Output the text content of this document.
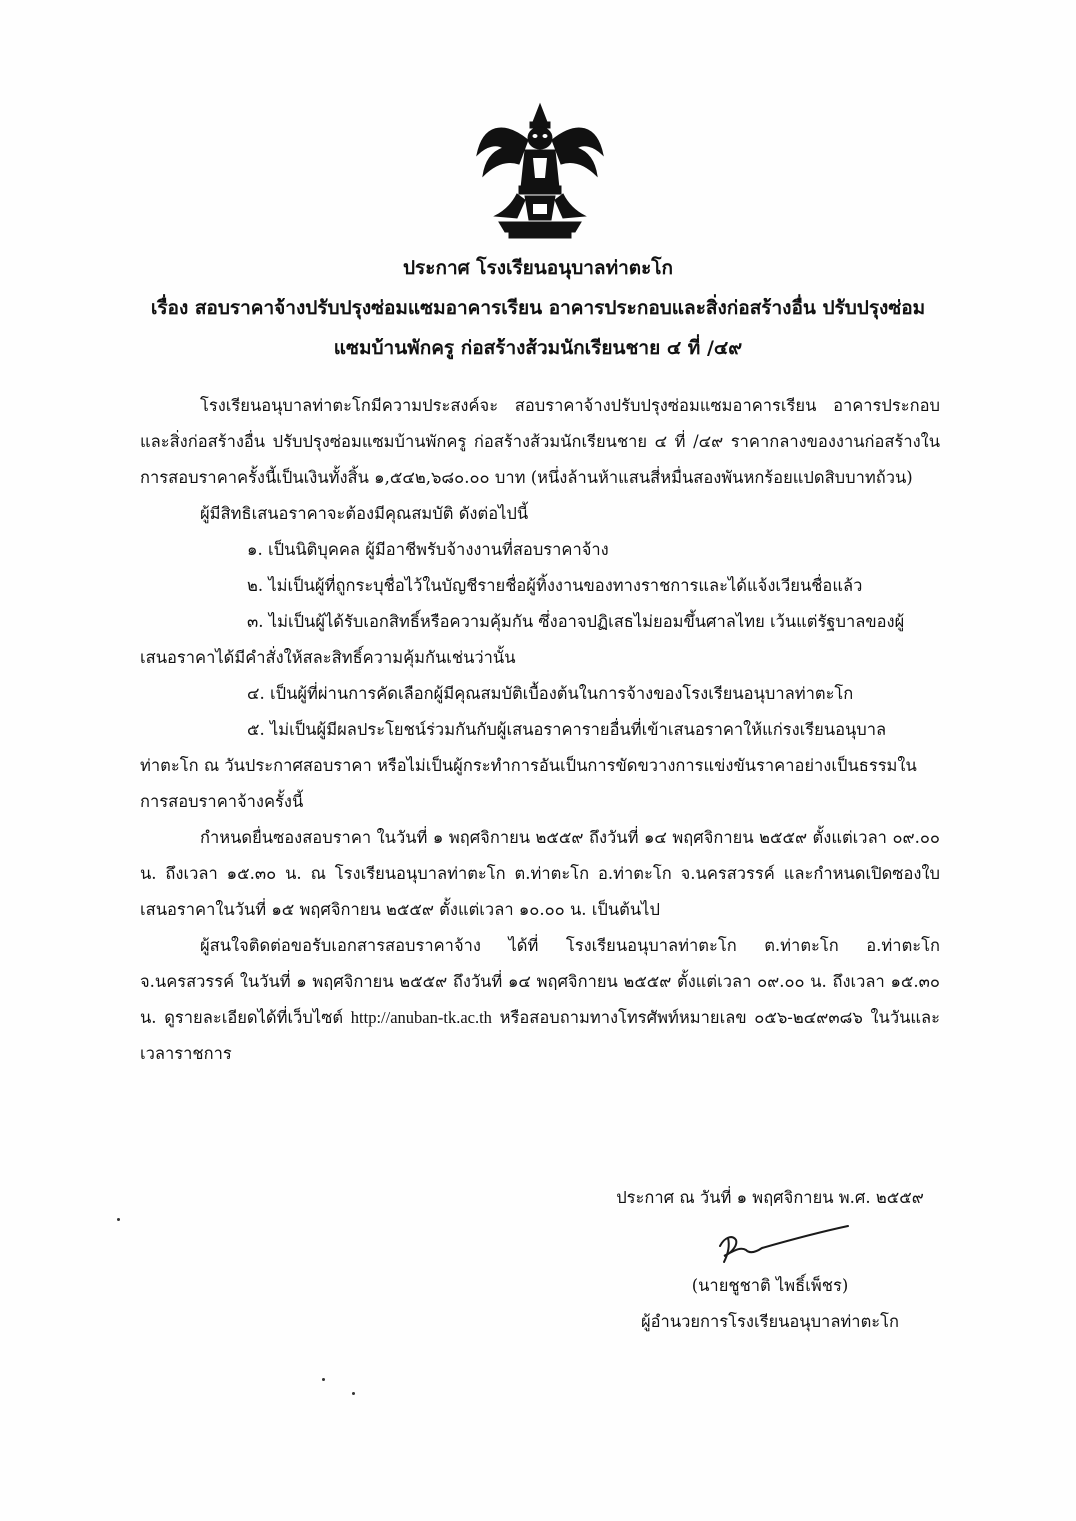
ประกาศ โรงเรียนอนุบาลท่าตะโก
เรื่อง สอบราคาจ้างปรับปรุงซ่อมแซมอาคารเรียน อาคารประกอบและสิ่งก่อสร้างอื่น ปรับปรุงซ่อม
แซมบ้านพักครู ก่อสร้างส้วมนักเรียนชาย ๔ ที่ /๔๙

โรงเรียนอนุบาลท่าตะโกมีความประสงค์จะ สอบราคาจ้างปรับปรุงซ่อมแซมอาคารเรียน อาคารประกอบและสิ่งก่อสร้างอื่น ปรับปรุงซ่อมแซมบ้านพักครู ก่อสร้างส้วมนักเรียนชาย ๔ ที่ /๔๙ ราคากลางของงานก่อสร้างในการสอบราคาครั้งนี้เป็นเงินทั้งสิ้น ๑,๕๔๒,๖๘๐.๐๐ บาท (หนึ่งล้านห้าแสนสี่หมื่นสองพันหกร้อยแปดสิบบาทถ้วน)

ผู้มีสิทธิเสนอราคาจะต้องมีคุณสมบัติ ดังต่อไปนี้

๑. เป็นนิติบุคคล ผู้มีอาชีพรับจ้างงานที่สอบราคาจ้าง

๒. ไม่เป็นผู้ที่ถูกระบุชื่อไว้ในบัญชีรายชื่อผู้ทิ้งงานของทางราชการและได้แจ้งเวียนชื่อแล้ว

๓. ไม่เป็นผู้ได้รับเอกสิทธิ์หรือความคุ้มกัน ซึ่งอาจปฏิเสธไม่ยอมขึ้นศาลไทย เว้นแต่รัฐบาลของผู้เสนอราคาได้มีคำสั่งให้สละสิทธิ์ความคุ้มกันเช่นว่านั้น

๔. เป็นผู้ที่ผ่านการคัดเลือกผู้มีคุณสมบัติเบื้องต้นในการจ้างของโรงเรียนอนุบาลท่าตะโก

๕. ไม่เป็นผู้มีผลประโยชน์ร่วมกันกับผู้เสนอราคารายอื่นที่เข้าเสนอราคาให้แก่รงเรียนอนุบาลท่าตะโก ณ วันประกาศสอบราคา หรือไม่เป็นผู้กระทำการอันเป็นการขัดขวางการแข่งขันราคาอย่างเป็นธรรมในการสอบราคาจ้างครั้งนี้

กำหนดยื่นซองสอบราคา ในวันที่ ๑ พฤศจิกายน ๒๕๕๙ ถึงวันที่ ๑๔ พฤศจิกายน ๒๕๕๙ ตั้งแต่เวลา ๐๙.๐๐ น. ถึงเวลา ๑๕.๓๐ น. ณ โรงเรียนอนุบาลท่าตะโก ต.ท่าตะโก อ.ท่าตะโก จ.นครสวรรค์ และกำหนดเปิดซองใบเสนอราคาในวันที่ ๑๕ พฤศจิกายน ๒๕๕๙ ตั้งแต่เวลา ๑๐.๐๐ น. เป็นต้นไป

ผู้สนใจติดต่อขอรับเอกสารสอบราคาจ้าง ได้ที่ โรงเรียนอนุบาลท่าตะโก ต.ท่าตะโก อ.ท่าตะโก จ.นครสวรรค์ ในวันที่ ๑ พฤศจิกายน ๒๕๕๙ ถึงวันที่ ๑๔ พฤศจิกายน ๒๕๕๙ ตั้งแต่เวลา ๐๙.๐๐ น. ถึงเวลา ๑๕.๓๐ น. ดูรายละเอียดได้ที่เว็บไซต์ http://anuban-tk.ac.th หรือสอบถามทางโทรศัพท์หมายเลข ๐๕๖-๒๔๙๓๘๖ ในวันและเวลาราชการ

ประกาศ ณ วันที่ ๑ พฤศจิกายน พ.ศ. ๒๕๕๙

(นายชูชาติ ไพธิ์เพ็ชร)

ผู้อำนวยการโรงเรียนอนุบาลท่าตะโก
